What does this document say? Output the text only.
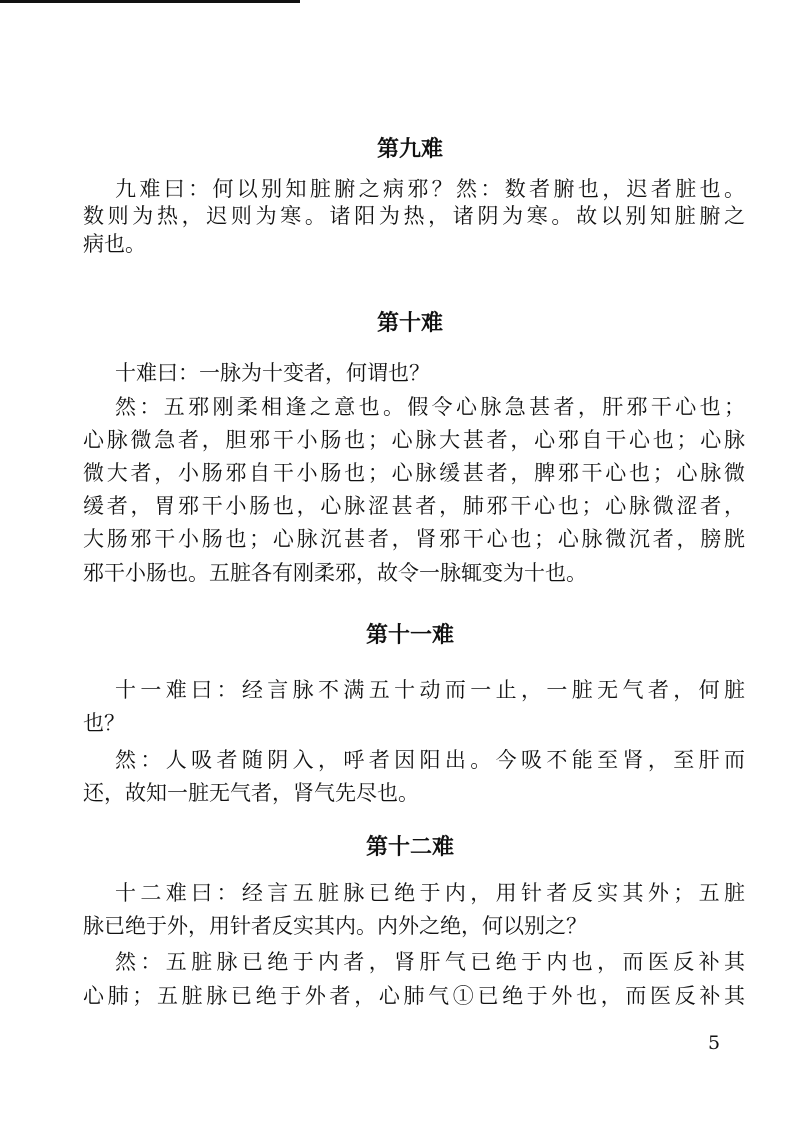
第九难
九难曰：何以别知脏腑之病邪？然：数者腑也，迟者脏也。
数则为热，迟则为寒。诸阳为热，诸阴为寒。故以别知脏腑之
病也。
第十难
十难曰：一脉为十变者，何谓也？
然：五邪刚柔相逢之意也。假令心脉急甚者，肝邪干心也；
心脉微急者，胆邪干小肠也；心脉大甚者，心邪自干心也；心脉
微大者，小肠邪自干小肠也；心脉缓甚者，脾邪干心也；心脉微
缓者，胃邪干小肠也，心脉涩甚者，肺邪干心也；心脉微涩者，
大肠邪干小肠也；心脉沉甚者，肾邪干心也；心脉微沉者，膀胱
邪干小肠也。五脏各有刚柔邪，故令一脉辄变为十也。
第十一难
十一难曰：经言脉不满五十动而一止，一脏无气者，何脏
也？
然：人吸者随阴入，呼者因阳出。今吸不能至肾，至肝而
还，故知一脏无气者，肾气先尽也。
第十二难
十二难曰：经言五脏脉已绝于内，用针者反实其外；五脏
脉已绝于外，用针者反实其内。内外之绝，何以别之？
然：五脏脉已绝于内者，肾肝气已绝于内也，而医反补其
心肺；五脏脉已绝于外者，心肺气①已绝于外也，而医反补其
5
